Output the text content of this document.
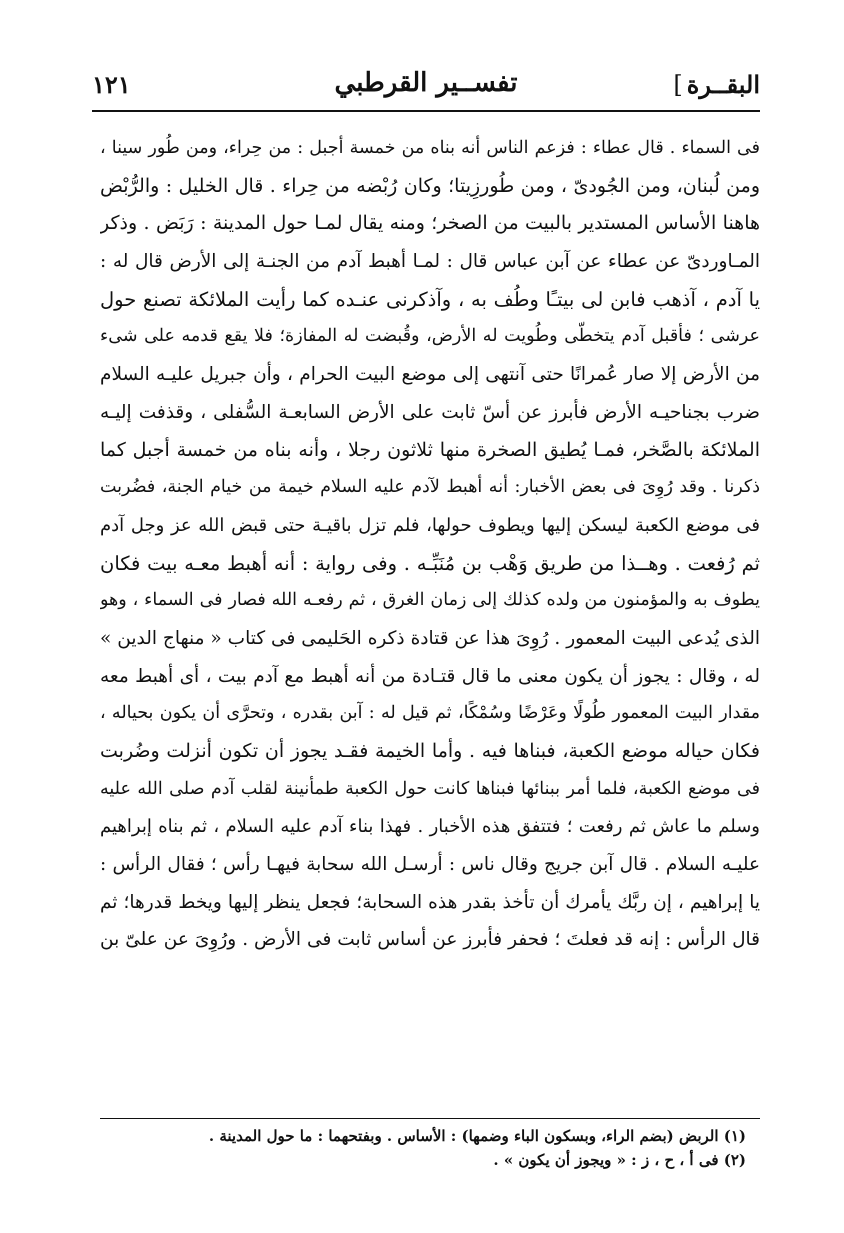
البقــرة]
تفســير القرطبي
١٢١
فى السماء . قال عطاء : فزعم الناس أنه بناه من خمسة أجبل : من حِراء، ومن طُور سينا ،
ومن لُبنان، ومن الجُودىّ ، ومن طُورزِيتا؛ وكان رُبْضه من حِراء . قال الخليل : والرُّبْض
هاهنا الأساس المستدير بالبيت من الصخر؛ ومنه يقال لمـا حول المدينة : رَبَض . وذكر
المـاوردىّ عن عطاء عن آبن عباس قال : لمـا أهبط آدم من الجنـة إلى الأرض قال له :
يا آدم ، آذهب فابن لى بيتـًا وطُف به ، وآذكرنى عنـده كما رأيت الملائكة تصنع حول
عرشى ؛ فأقبل آدم يتخطّى وطُويت له الأرض، وقُبضت له المفازة؛ فلا يقع قدمه على شىء
من الأرض إلا صار عُمرانًا حتى آنتهى إلى موضع البيت الحرام ، وأن جبريل عليـه السلام
ضرب بجناحيـه الأرض فأبرز عن أسّ ثابت على الأرض السابعـة السُّفلى ، وقذفت إليـه
الملائكة بالصَّخر، فمـا يُطيق الصخرة منها ثلاثون رجلا ، وأنه بناه من خمسة أجبل كما
ذكرنا . وقد رُوِىَ فى بعض الأخبار: أنه أهبط لآدم عليه السلام خيمة من خيام الجنة، فضُربت
فى موضع الكعبة ليسكن إليها ويطوف حولها، فلم تزل باقيـة حتى قبض الله عز وجل آدم
ثم رُفعت . وهــذا من طريق وَهْب بن مُنَبِّـه . وفى رواية : أنه أهبط معـه بيت فكان
يطوف به والمؤمنون من ولده كذلك إلى زمان الغرق ، ثم رفعـه الله فصار فى السماء ، وهو
الذى يُدعى البيت المعمور . رُوِىَ هذا عن قتادة ذكره الحَليمى فى كتاب « منهاج الدين »
له ، وقال : يجوز أن يكون معنى ما قال قتـادة من أنه أهبط مع آدم بيت ، أى أهبط معه
مقدار البيت المعمور طُولًا وعَرْضًا وسُمْكًا، ثم قيل له : آبن بقدره ، وتحرَّى أن يكون بحياله ،
فكان حياله موضع الكعبة، فبناها فيه . وأما الخيمة فقـد يجوز أن تكون أنزلت وضُربت
فى موضع الكعبة، فلما أمر ببنائها فبناها كانت حول الكعبة طمأنينة لقلب آدم صلى الله عليه
وسلم ما عاش ثم رفعت ؛ فتتفق هذه الأخبار . فهذا بناء آدم عليه السلام ، ثم بناه إبراهيم
عليـه السلام . قال آبن جريج وقال ناس : أرسـل الله سحابة فيهـا رأس ؛ فقال الرأس :
يا إبراهيم ، إن ربَّك يأمرك أن تأخذ بقدر هذه السحابة؛ فجعل ينظر إليها ويخط قدرها؛ ثم
قال الرأس : إنه قد فعلتَ ؛ فحفر فأبرز عن أساس ثابت فى الأرض . ورُوِىَ عن علىّ بن
(١) الربض (بضم الراء، وبسكون الباء وضمها) : الأساس . وبفتحهما : ما حول المدينة .
(٢) فى أ ، ح ، ز : « ويجوز أن يكون » .
